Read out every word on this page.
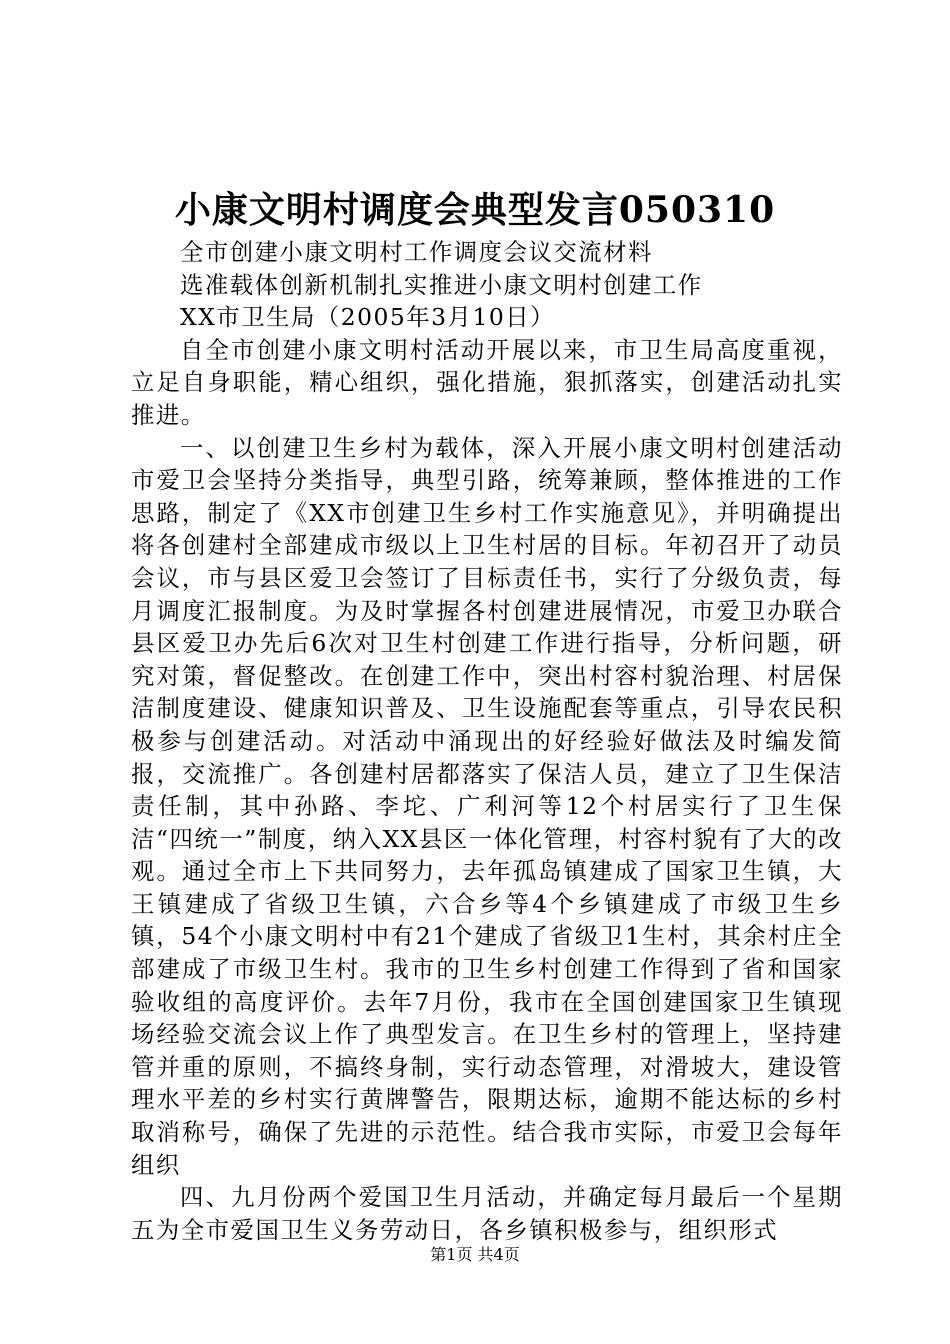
小康文明村调度会典型发言050310

全市创建小康文明村工作调度会议交流材料

选准载体创新机制扎实推进小康文明村创建工作

XX市卫生局（2005年3月10日）

自全市创建小康文明村活动开展以来，市卫生局高度重视，立足自身职能，精心组织，强化措施，狠抓落实，创建活动扎实推进。

一、以创建卫生乡村为载体，深入开展小康文明村创建活动市爱卫会坚持分类指导，典型引路，统筹兼顾，整体推进的工作思路，制定了《XX市创建卫生乡村工作实施意见》，并明确提出将各创建村全部建成市级以上卫生村居的目标。年初召开了动员会议，市与县区爱卫会签订了目标责任书，实行了分级负责，每月调度汇报制度。为及时掌握各村创建进展情况，市爱卫办联合县区爱卫办先后6次对卫生村创建工作进行指导，分析问题，研究对策，督促整改。在创建工作中，突出村容村貌治理、村居保洁制度建设、健康知识普及、卫生设施配套等重点，引导农民积极参与创建活动。对活动中涌现出的好经验好做法及时编发简报，交流推广。各创建村居都落实了保洁人员，建立了卫生保洁责任制，其中孙路、李坨、广利河等12个村居实行了卫生保洁“四统一”制度，纳入XX县区一体化管理，村容村貌有了大的改观。通过全市上下共同努力，去年孤岛镇建成了国家卫生镇，大王镇建成了省级卫生镇，六合乡等4个乡镇建成了市级卫生乡镇，54个小康文明村中有21个建成了省级卫1生村，其余村庄全部建成了市级卫生村。我市的卫生乡村创建工作得到了省和国家验收组的高度评价。去年7月份，我市在全国创建国家卫生镇现场经验交流会议上作了典型发言。在卫生乡村的管理上，坚持建管并重的原则，不搞终身制，实行动态管理，对滑坡大，建设管理水平差的乡村实行黄牌警告，限期达标，逾期不能达标的乡村取消称号，确保了先进的示范性。结合我市实际，市爱卫会每年组织

四、九月份两个爱国卫生月活动，并确定每月最后一个星期五为全市爱国卫生义务劳动日，各乡镇积极参与，组织形式

第1页 共4页
